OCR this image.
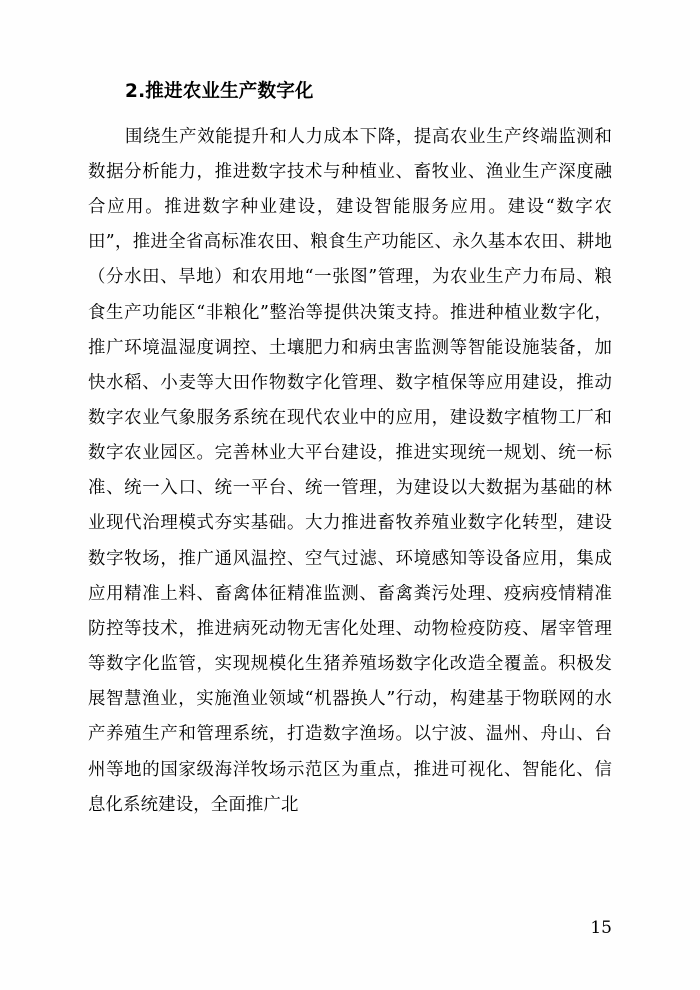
2.推进农业生产数字化

围绕生产效能提升和人力成本下降，提高农业生产终端监测和数据分析能力，推进数字技术与种植业、畜牧业、渔业生产深度融合应用。推进数字种业建设，建设智能服务应用。建设“数字农田”，推进全省高标准农田、粮食生产功能区、永久基本农田、耕地（分水田、旱地）和农用地“一张图”管理，为农业生产力布局、粮食生产功能区“非粮化”整治等提供决策支持。推进种植业数字化，推广环境温湿度调控、土壤肥力和病虫害监测等智能设施装备，加快水稻、小麦等大田作物数字化管理、数字植保等应用建设，推动数字农业气象服务系统在现代农业中的应用，建设数字植物工厂和数字农业园区。完善林业大平台建设，推进实现统一规划、统一标准、统一入口、统一平台、统一管理，为建设以大数据为基础的林业现代治理模式夯实基础。大力推进畜牧养殖业数字化转型，建设数字牧场，推广通风温控、空气过滤、环境感知等设备应用，集成应用精准上料、畜禽体征精准监测、畜禽粪污处理、疫病疫情精准防控等技术，推进病死动物无害化处理、动物检疫防疫、屠宰管理等数字化监管，实现规模化生猪养殖场数字化改造全覆盖。积极发展智慧渔业，实施渔业领域“机器换人”行动，构建基于物联网的水产养殖生产和管理系统，打造数字渔场。以宁波、温州、舟山、台州等地的国家级海洋牧场示范区为重点，推进可视化、智能化、信息化系统建设，全面推广北

15
